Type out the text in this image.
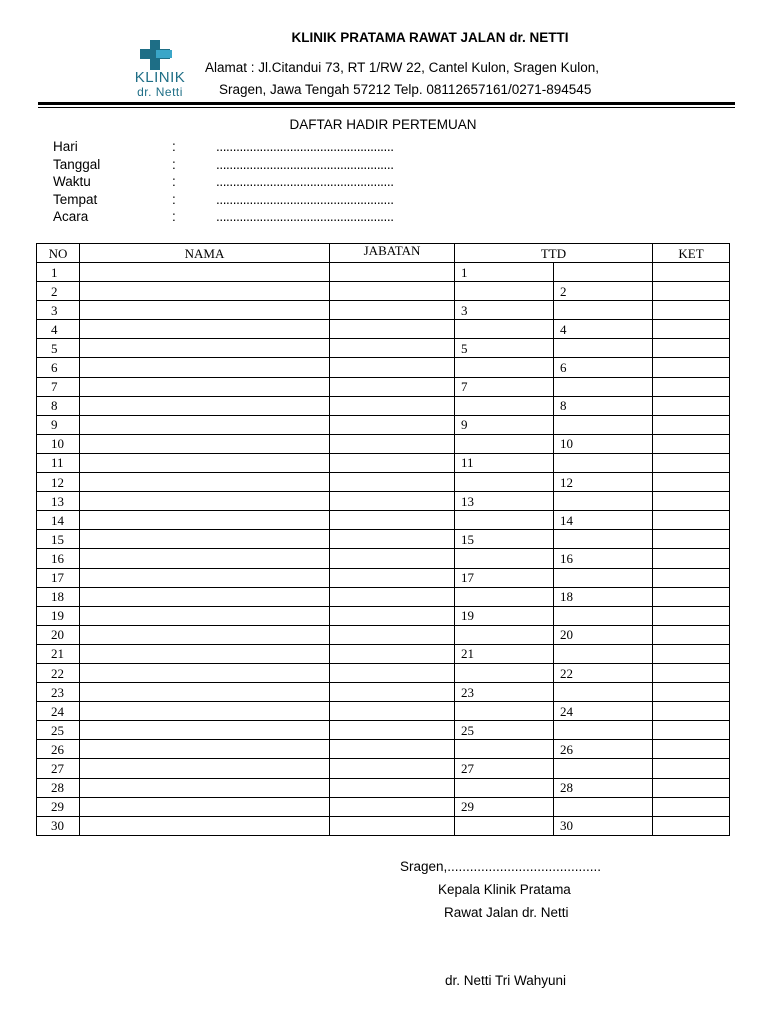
KLINIK
dr. Netti
KLINIK PRATAMA RAWAT JALAN dr. NETTI
Alamat : Jl.Citandui 73, RT 1/RW 22, Cantel Kulon, Sragen Kulon,
Sragen, Jawa Tengah 57212 Telp. 08112657161/0271-894545
DAFTAR HADIR PERTEMUAN
Hari	:	.....................................................
Tanggal	:	.....................................................
Waktu	:	.....................................................
Tempat	:	.....................................................
Acara	:	.....................................................
NO	NAMA	JABATAN	TTD		KET
1			1		
2				2	
3			3		
4				4	
5			5		
6				6	
7			7		
8				8	
9			9		
10				10	
11			11		
12				12	
13			13		
14				14	
15			15		
16				16	
17			17		
18				18	
19			19		
20				20	
21			21		
22				22	
23			23		
24				24	
25			25		
26				26	
27			27		
28				28	
29			29		
30				30	
Sragen,.........................................
Kepala Klinik Pratama
Rawat Jalan dr. Netti
dr. Netti Tri Wahyuni
